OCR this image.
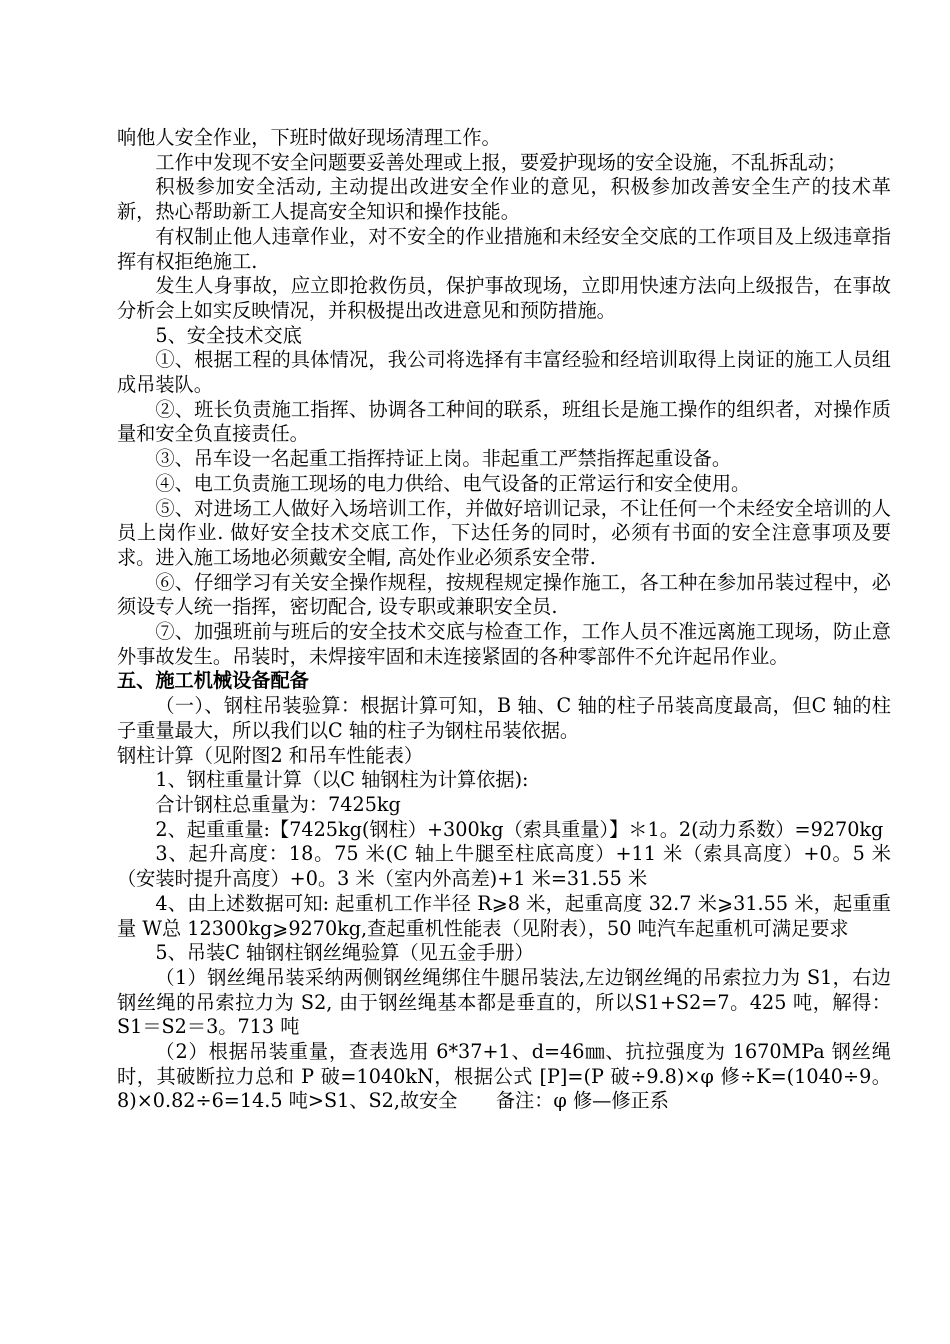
响他人安全作业，下班时做好现场清理工作。

工作中发现不安全问题要妥善处理或上报，要爱护现场的安全设施，不乱拆乱动；

积极参加安全活动, 主动提出改进安全作业的意见，积极参加改善安全生产的技术革新，热心帮助新工人提高安全知识和操作技能。

有权制止他人违章作业，对不安全的作业措施和未经安全交底的工作项目及上级违章指挥有权拒绝施工.

发生人身事故，应立即抢救伤员，保护事故现场，立即用快速方法向上级报告，在事故分析会上如实反映情况，并积极提出改进意见和预防措施。

5、安全技术交底

①、根据工程的具体情况，我公司将选择有丰富经验和经培训取得上岗证的施工人员组成吊装队。

②、班长负责施工指挥、协调各工种间的联系，班组长是施工操作的组织者，对操作质量和安全负直接责任。

③、吊车设一名起重工指挥持证上岗。非起重工严禁指挥起重设备。

④、电工负责施工现场的电力供给、电气设备的正常运行和安全使用。

⑤、对进场工人做好入场培训工作，并做好培训记录，不让任何一个未经安全培训的人员上岗作业. 做好安全技术交底工作，下达任务的同时，必须有书面的安全注意事项及要求。进入施工场地必须戴安全帽, 高处作业必须系安全带.

⑥、仔细学习有关安全操作规程，按规程规定操作施工，各工种在参加吊装过程中，必须设专人统一指挥，密切配合, 设专职或兼职安全员.

⑦、加强班前与班后的安全技术交底与检查工作，工作人员不准远离施工现场，防止意外事故发生。吊装时，未焊接牢固和未连接紧固的各种零部件不允许起吊作业。

五、施工机械设备配备

（一）、钢柱吊装验算：根据计算可知，B 轴、C 轴的柱子吊装高度最高，但C 轴的柱子重量最大，所以我们以C 轴的柱子为钢柱吊装依据。

钢柱计算（见附图2 和吊车性能表）

1、钢柱重量计算（以C 轴钢柱为计算依据):

合计钢柱总重量为：7425kg

2、起重重量:【7425kg(钢柱）+300kg（索具重量）】＊1。2(动力系数）=9270kg

3、起升高度：18。75 米(C 轴上牛腿至柱底高度）+11 米（索具高度）+0。5 米（安装时提升高度）+0。3 米（室内外高差)+1 米=31.55 米

4、由上述数据可知: 起重机工作半径 R⩾8 米，起重高度 32.7 米⩾31.55 米，起重重量 W总 12300kg⩾9270kg,查起重机性能表（见附表），50 吨汽车起重机可满足要求

5、吊装C 轴钢柱钢丝绳验算（见五金手册）

（1）钢丝绳吊装采纳两侧钢丝绳绑住牛腿吊装法,左边钢丝绳的吊索拉力为 S1，右边钢丝绳的吊索拉力为 S2, 由于钢丝绳基本都是垂直的，所以S1+S2=7。425 吨，解得：S1＝S2＝3。713 吨

（2）根据吊装重量，查表选用 6*37+1、d=46㎜、抗拉强度为 1670MPa 钢丝绳时，其破断拉力总和 P 破=1040kN，根据公式 [P]=(P 破÷9.8)×φ 修÷K=(1040÷9。8)×0.82÷6=14.5 吨>S1、S2,故安全　　备注：φ 修—修正系
